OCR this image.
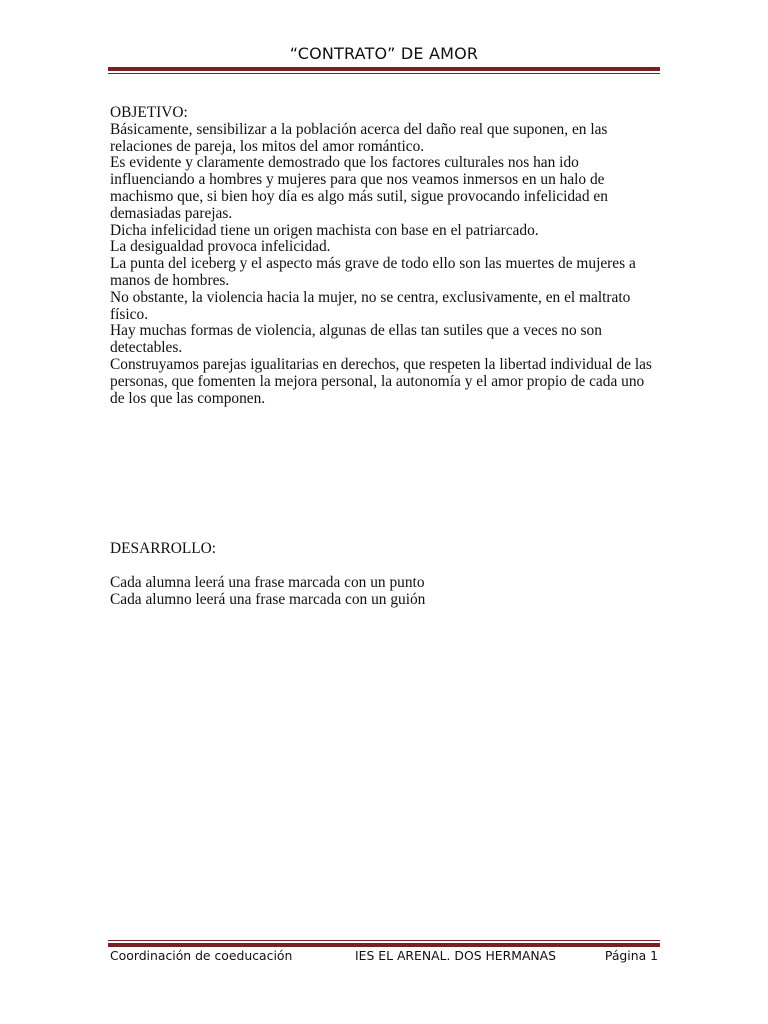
“CONTRATO” DE AMOR

OBJETIVO:

Básicamente, sensibilizar a la población acerca del daño real que suponen, en las

relaciones de pareja, los mitos del amor romántico.

Es evidente y claramente demostrado que los factores culturales nos han ido

influenciando a hombres y mujeres para que nos veamos inmersos en un halo de

machismo que, si bien hoy día es algo más sutil, sigue provocando infelicidad en

demasiadas parejas.

Dicha infelicidad tiene un origen machista con base en el patriarcado.

La desigualdad provoca infelicidad.

La punta del iceberg y el aspecto más grave de todo ello son las muertes de mujeres a

manos de hombres.

No obstante, la violencia hacia la mujer, no se centra, exclusivamente, en el maltrato

físico.

Hay muchas formas de violencia, algunas de ellas tan sutiles que a veces no son

detectables.

Construyamos parejas igualitarias en derechos, que respeten la libertad individual de las

personas, que fomenten la mejora personal, la autonomía y el amor propio de cada uno

de los que las componen.

DESARROLLO:

Cada alumna leerá una frase marcada con un punto

Cada alumno leerá una frase marcada con un guión

Coordinación de coeducación	IES EL ARENAL. DOS HERMANAS	Página 1
